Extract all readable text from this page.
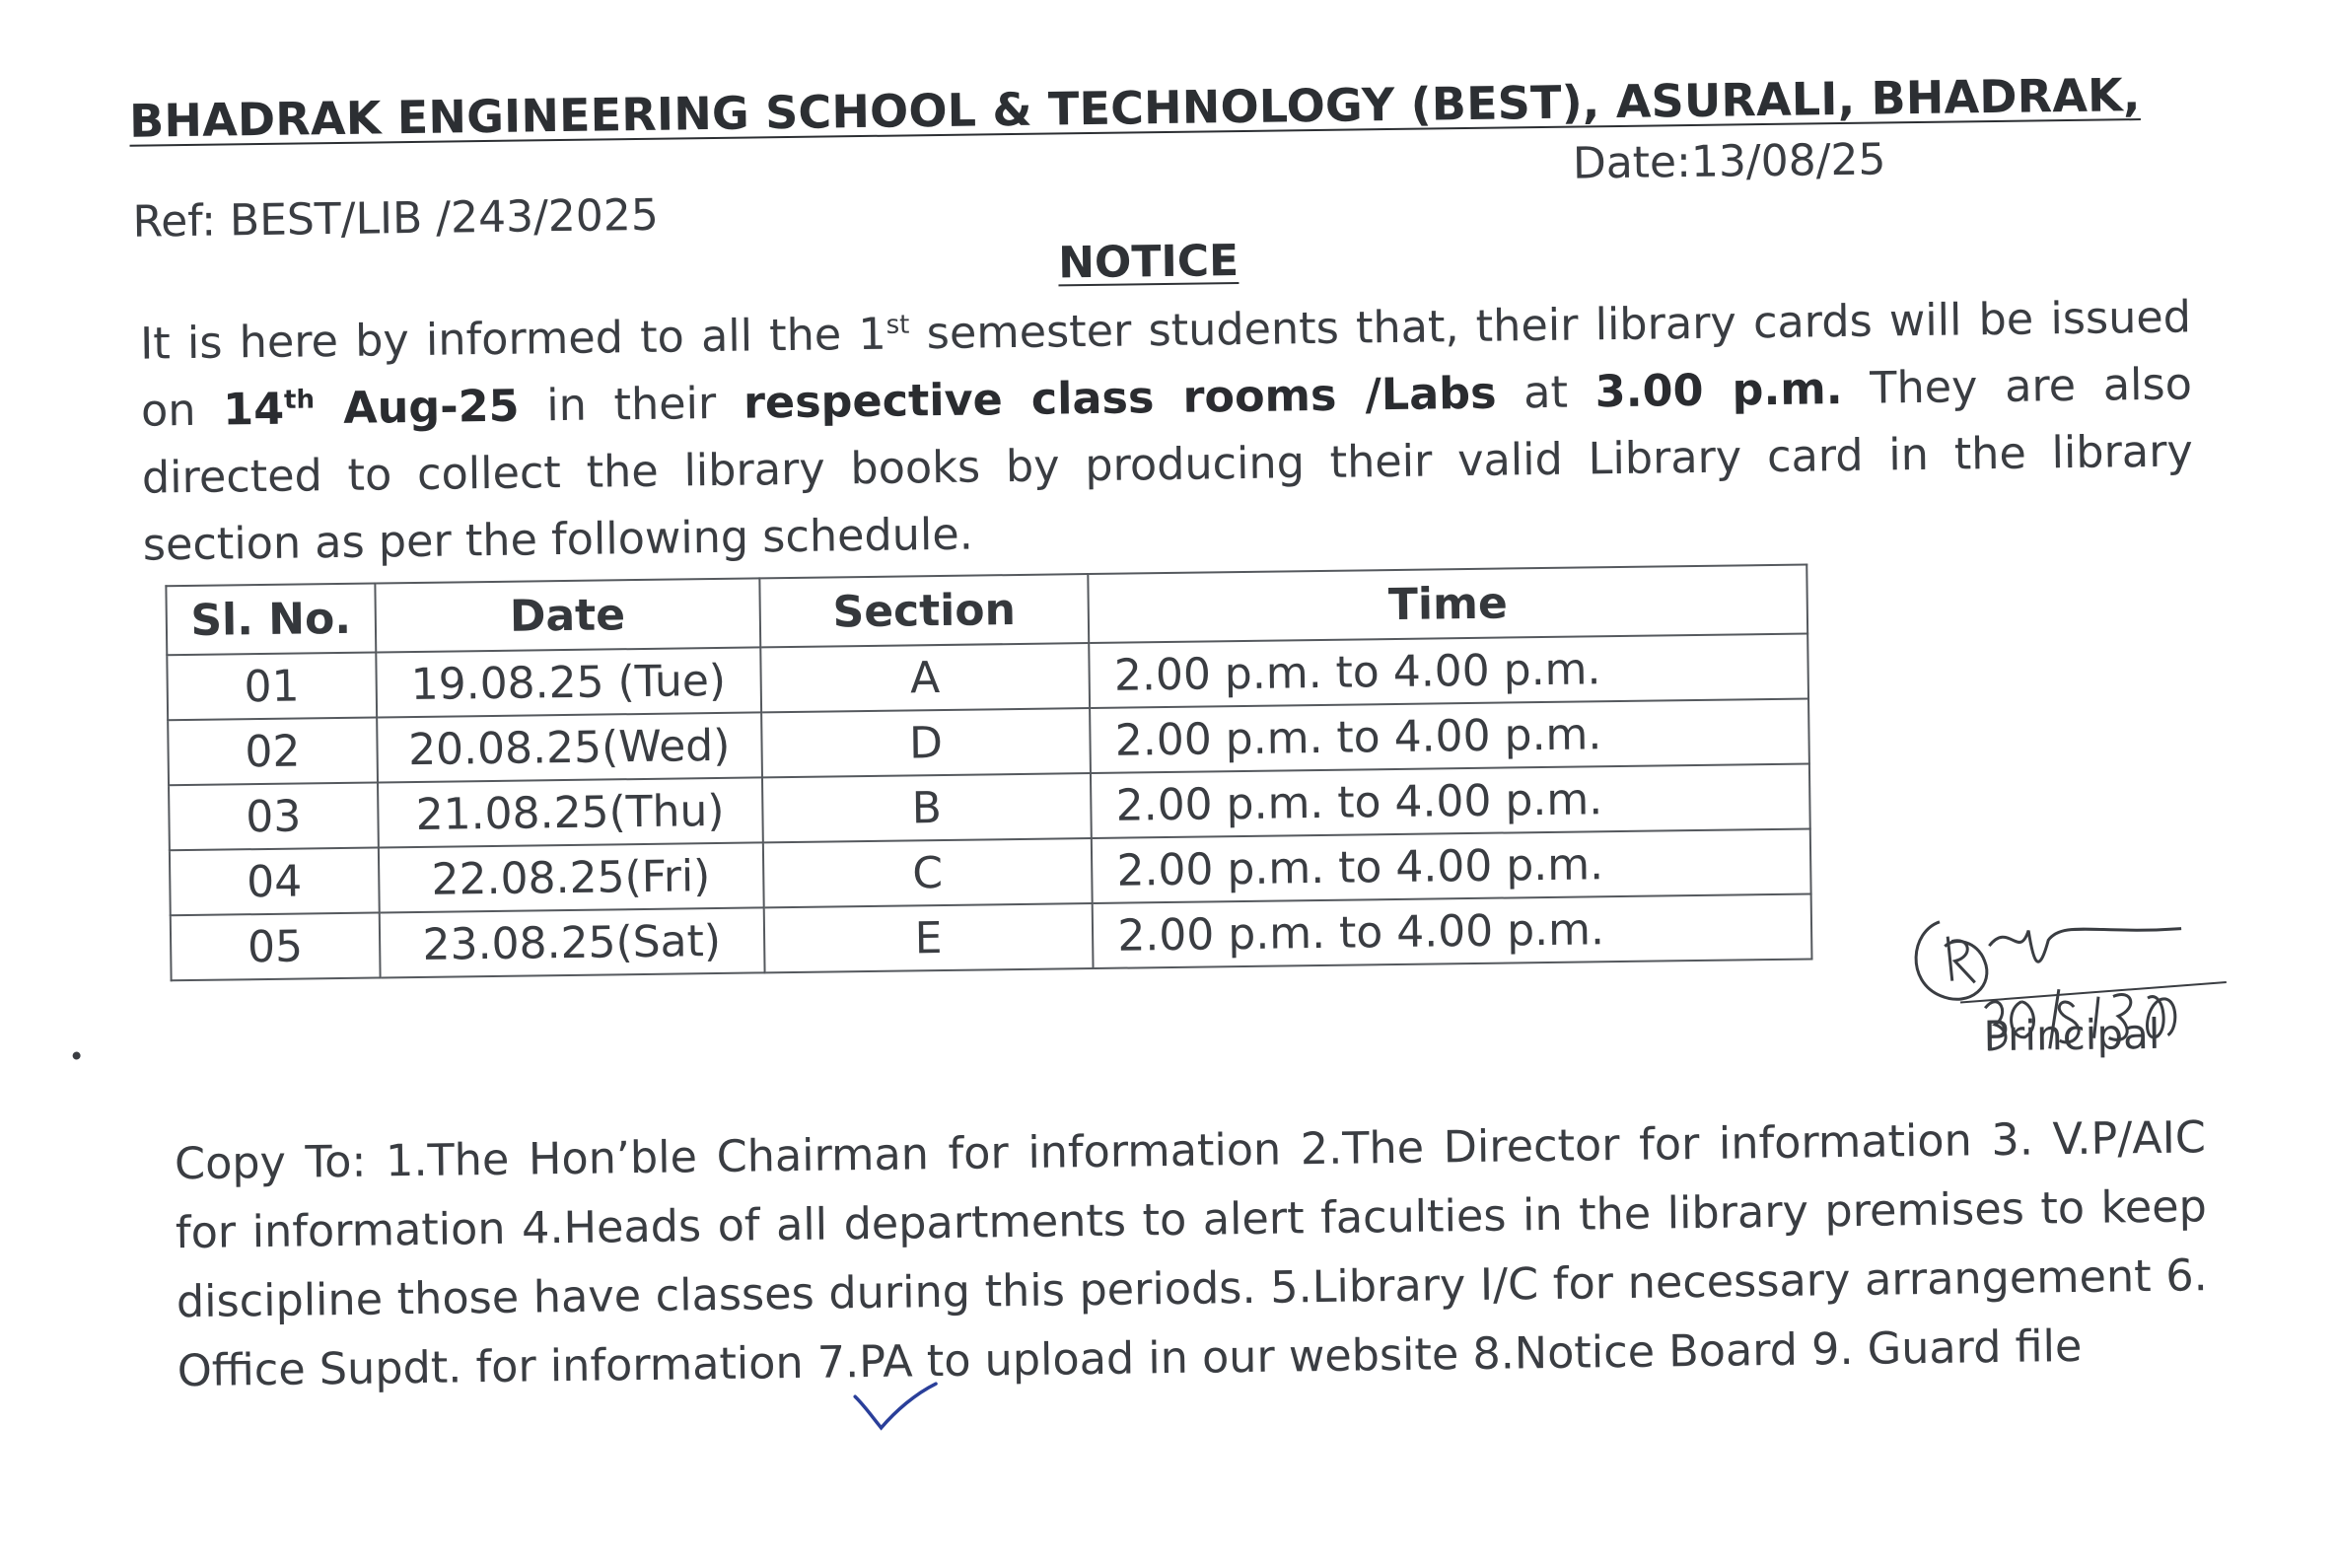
BHADRAK ENGINEERING SCHOOL & TECHNOLOGY (BEST), ASURALI, BHADRAK,
Ref: BEST/LIB /243/2025
Date:13/08/25
NOTICE
It is here by informed to all the 1st semester students that, their library cards will be issued on 14th Aug-25 in their respective class rooms /Labs at 3.00 p.m. They are also directed to collect the library books by producing their valid Library card in the library section as per the following schedule.
Sl. No.	Date	Section	Time
01	19.08.25 (Tue)	A	2.00 p.m. to 4.00 p.m.
02	20.08.25(Wed)	D	2.00 p.m. to 4.00 p.m.
03	21.08.25(Thu)	B	2.00 p.m. to 4.00 p.m.
04	22.08.25(Fri)	C	2.00 p.m. to 4.00 p.m.
05	23.08.25(Sat)	E	2.00 p.m. to 4.00 p.m.
Principal
Copy To: 1.The Hon’ble Chairman for information 2.The Director for information 3. V.P/AIC for information 4.Heads of all departments to alert faculties in the library premises to keep discipline those have classes during this periods. 5.Library I/C for necessary arrangement 6. Office Supdt. for information 7.PA to upload in our website 8.Notice Board 9. Guard file
